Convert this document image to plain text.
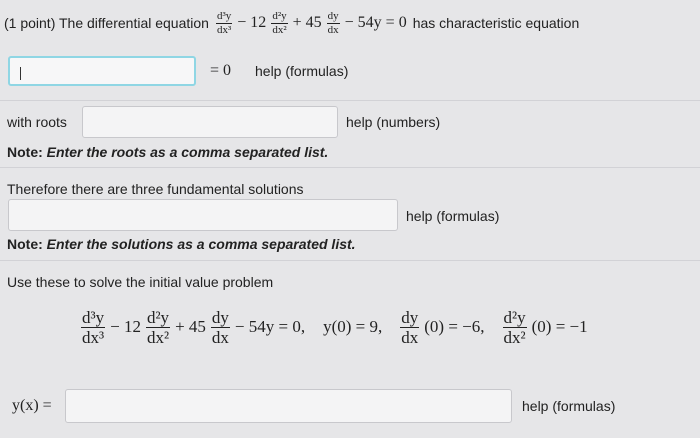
(1 point) The differential equation $\frac{\text{d³y}}{\text{dx³}} - 12 \frac{\text{d²y}}{\text{dx²}} + 45 \frac{dy}{dx} - 54y = 0$ has characteristic equation
= 0 help (formulas)
with roots	help (numbers)
Note: Enter the roots as a comma separated list.
Therefore there are three fundamental solutions
help (formulas)
Note: Enter the solutions as a comma separated list.
Use these to solve the initial value problem
$\frac{\text{d³y}}{\text{dx³}} - 12 \frac{\text{d²y}}{\text{dx²}} + 45 \frac{dy}{dx} - 54y = 0$, y(0) = 9, $\frac{dy}{dx} (0) = -6$, $\frac{\text{d²y}}{\text{dx²}} (0) = -1$
y(x) =	help (formulas)
